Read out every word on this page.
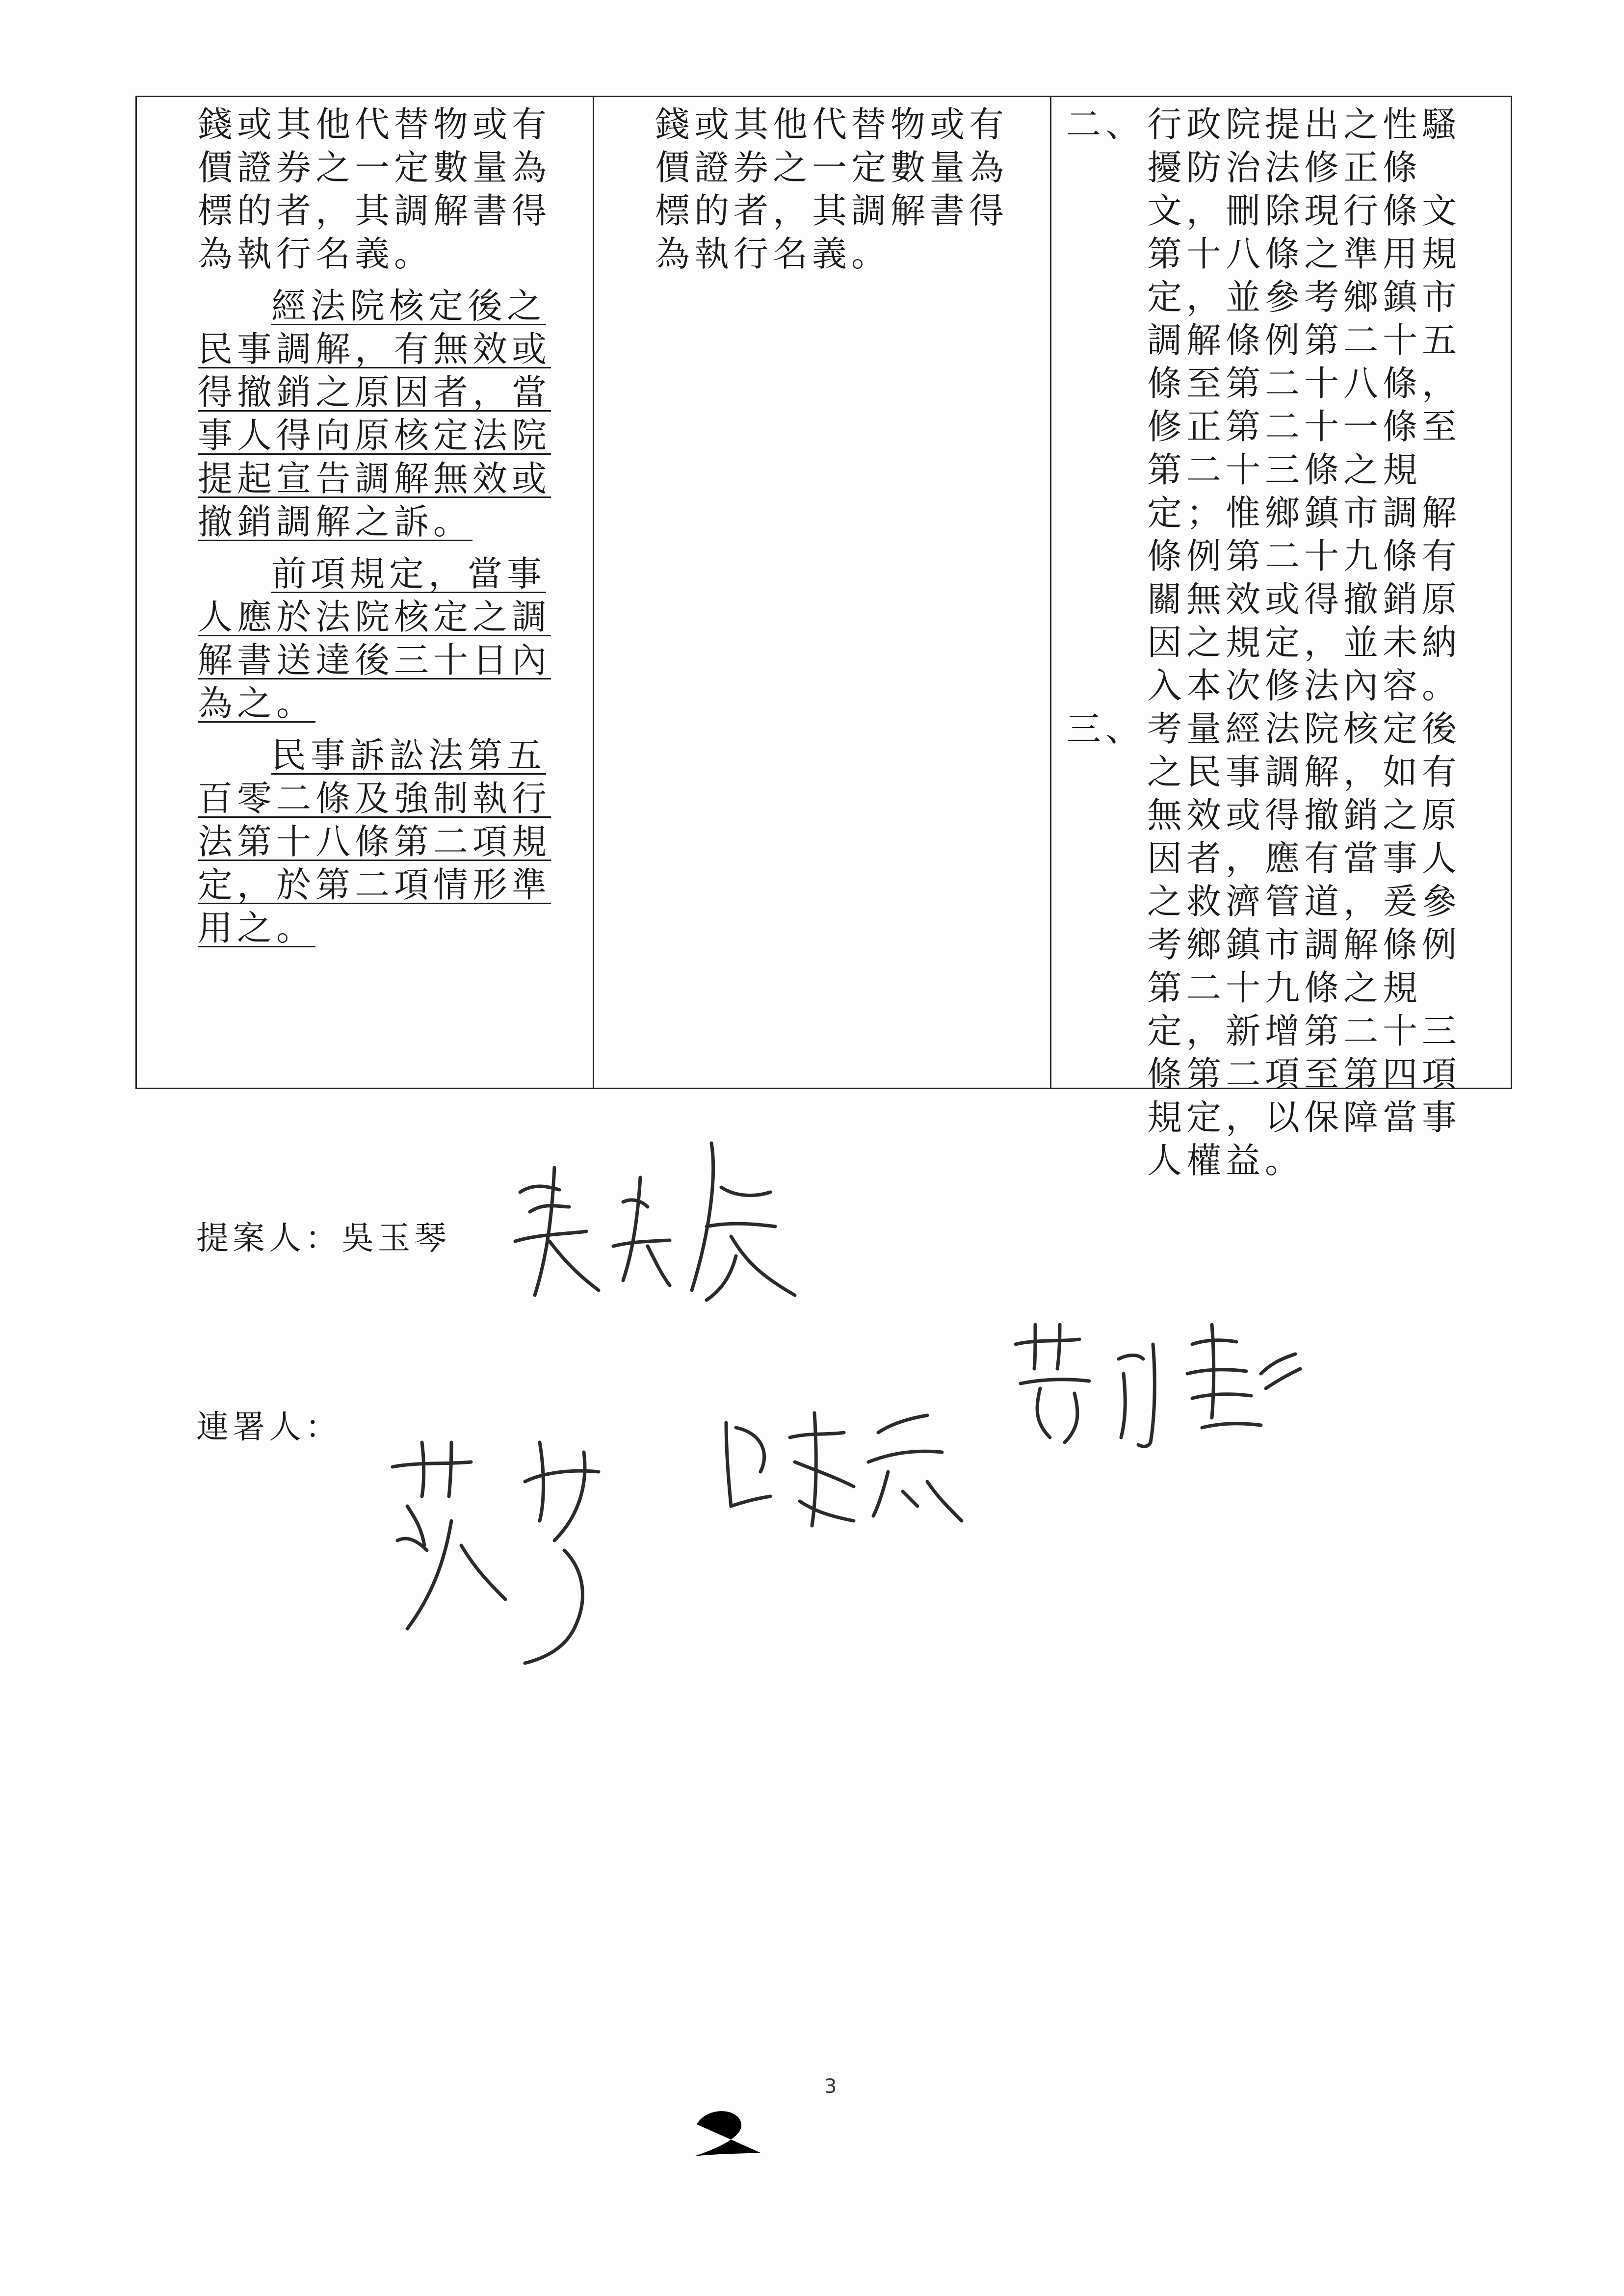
錢或其他代替物或有價證券之一定數量為標的者，其調解書得為執行名義。

經法院核定後之民事調解，有無效或得撤銷之原因者，當事人得向原核定法院提起宣告調解無效或撤銷調解之訴。

前項規定，當事人應於法院核定之調解書送達後三十日內為之。

民事訴訟法第五百零二條及強制執行法第十八條第二項規定，於第二項情形準用之。

錢或其他代替物或有價證券之一定數量為標的者，其調解書得為執行名義。

二、 行政院提出之性騷擾防治法修正條文，刪除現行條文第十八條之準用規定，並參考鄉鎮市調解條例第二十五條至第二十八條，修正第二十一條至第二十三條之規定；惟鄉鎮市調解條例第二十九條有關無效或得撤銷原因之規定，並未納入本次修法內容。
三、 考量經法院核定後之民事調解，如有無效或得撤銷之原因者，應有當事人之救濟管道，爰參考鄉鎮市調解條例第二十九條之規定，新增第二十三條第二項至第四項規定，以保障當事人權益。
提案人：吳玉琴
連署人：
3
